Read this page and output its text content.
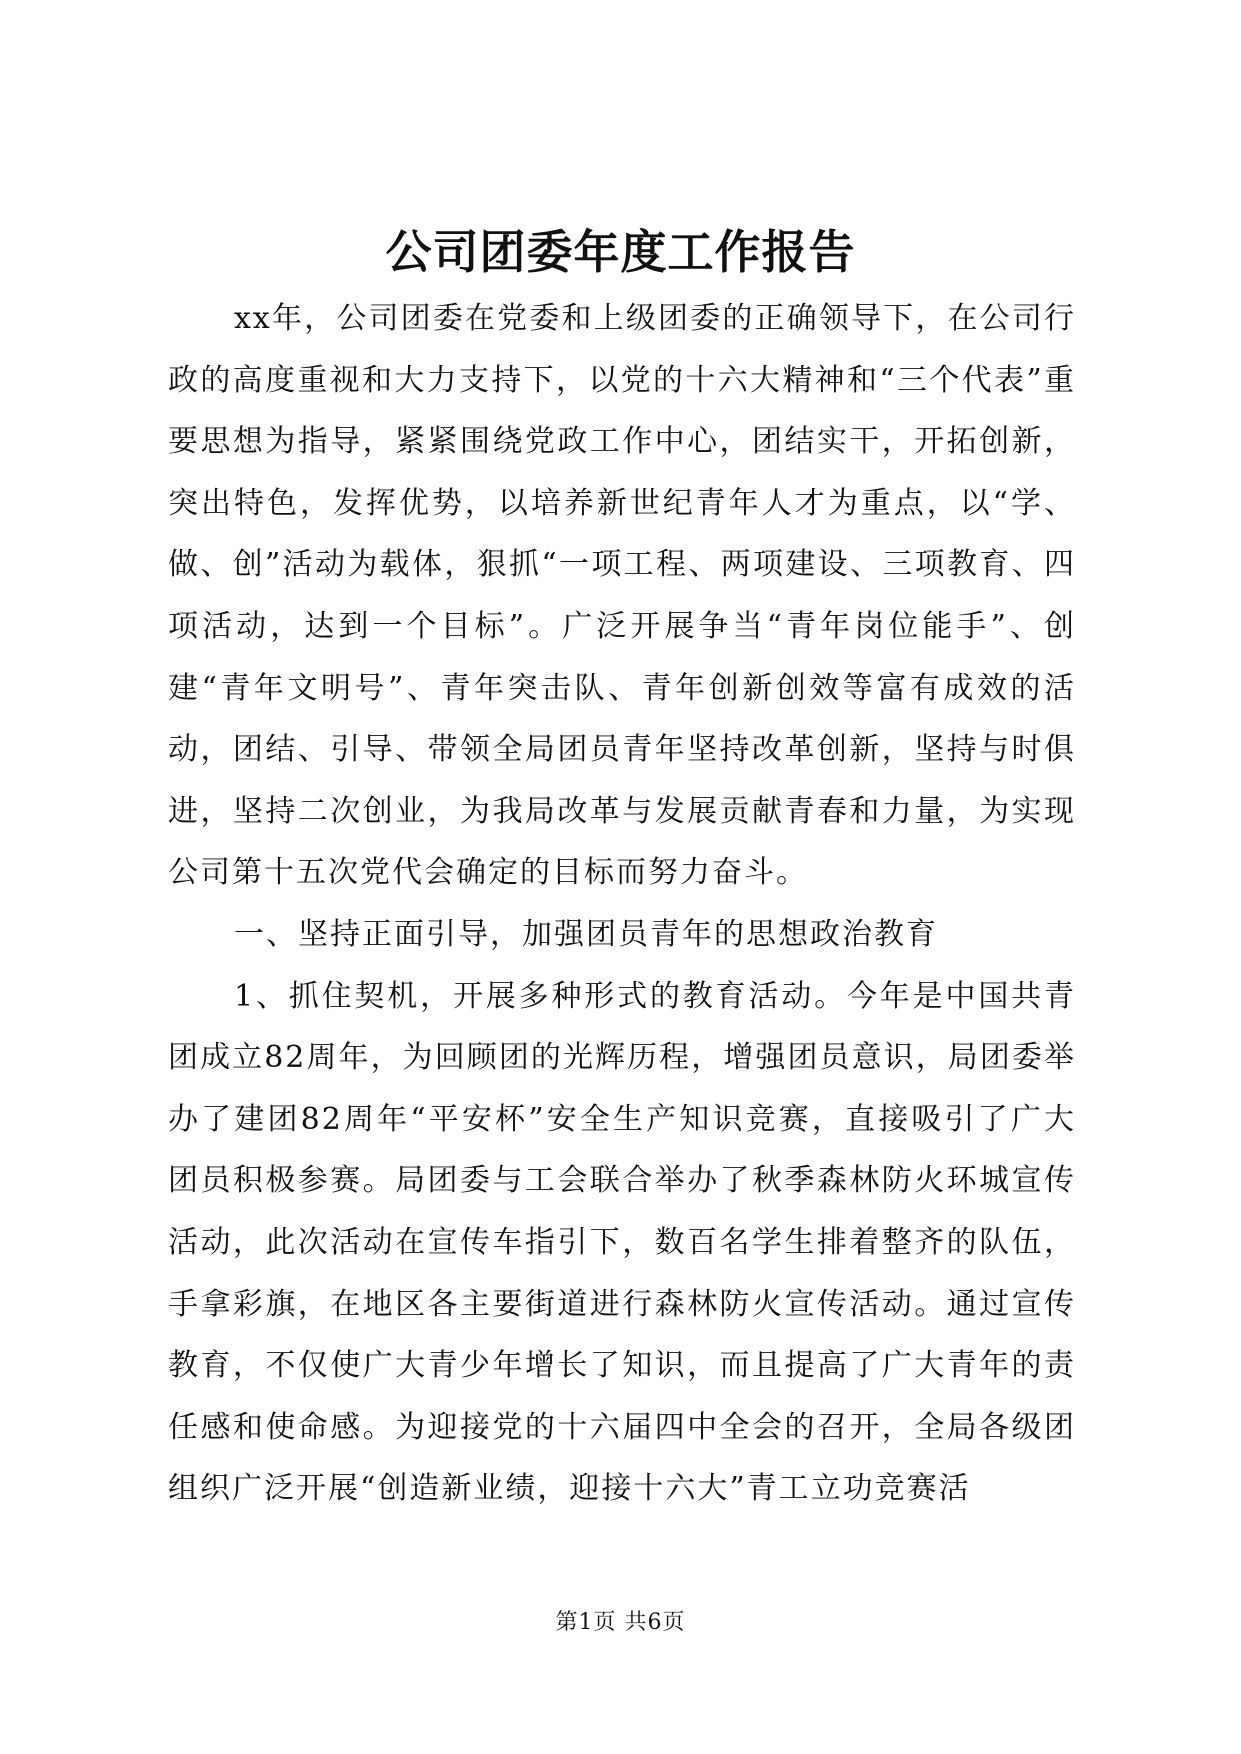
公司团委年度工作报告

xx年，公司团委在党委和上级团委的正确领导下，在公司行政的高度重视和大力支持下，以党的十六大精神和“三个代表”重要思想为指导，紧紧围绕党政工作中心，团结实干，开拓创新，突出特色，发挥优势，以培养新世纪青年人才为重点，以“学、做、创”活动为载体，狠抓“一项工程、两项建设、三项教育、四项活动，达到一个目标”。广泛开展争当“青年岗位能手”、创建“青年文明号”、青年突击队、青年创新创效等富有成效的活动，团结、引导、带领全局团员青年坚持改革创新，坚持与时俱进，坚持二次创业，为我局改革与发展贡献青春和力量，为实现公司第十五次党代会确定的目标而努力奋斗。

一、坚持正面引导，加强团员青年的思想政治教育

1、抓住契机，开展多种形式的教育活动。今年是中国共青团成立82周年，为回顾团的光辉历程，增强团员意识，局团委举办了建团82周年“平安杯”安全生产知识竞赛，直接吸引了广大团员积极参赛。局团委与工会联合举办了秋季森林防火环城宣传活动，此次活动在宣传车指引下，数百名学生排着整齐的队伍，手拿彩旗，在地区各主要街道进行森林防火宣传活动。通过宣传教育，不仅使广大青少年增长了知识，而且提高了广大青年的责任感和使命感。为迎接党的十六届四中全会的召开，全局各级团组织广泛开展“创造新业绩，迎接十六大”青工立功竞赛活

第1页 共6页
